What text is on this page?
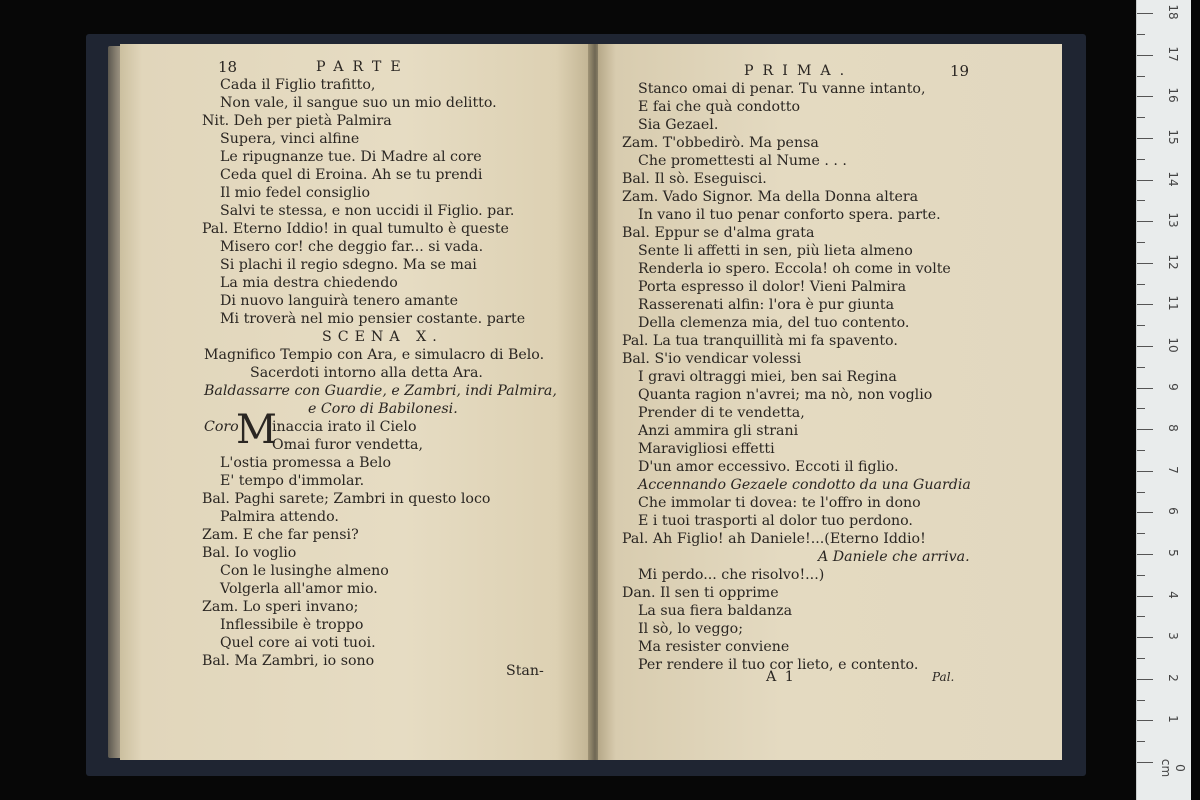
18	PARTE
Cada il Figlio trafitto,
Non vale, il sangue suo un mio delitto.
Nit. Deh per pietà Palmira
Supera, vinci alfine
Le ripugnanze tue. Di Madre al core
Ceda quel di Eroina. Ah se tu prendi
Il mio fedel consiglio
Salvi te stessa, e non uccidi il Figlio. par.
Pal. Eterno Iddio! in qual tumulto è queste
Misero cor! che deggio far... si vada.
Si plachi il regio sdegno. Ma se mai
La mia destra chiedendo
Di nuovo languirà tenero amante
Mi troverà nel mio pensier costante. parte
SCENA X.
Magnifico Tempio con Ara, e simulacro di Belo.
Sacerdoti intorno alla detta Ara.
Baldassarre con Guardie, e Zambri, indi Palmira,
e Coro di Babilonesi.
Coro
M
inaccia irato il Cielo
Omai furor vendetta,
L'ostia promessa a Belo
E' tempo d'immolar.
Bal. Paghi sarete; Zambri in questo loco
Palmira attendo.
Zam. E che far pensi?
Bal. Io voglio
Con le lusinghe almeno
Volgerla all'amor mio.
Zam. Lo speri invano;
Inflessibile è troppo
Quel core ai voti tuoi.
Bal. Ma Zambri, io sono
Stan-
PRIMA.	19
Stanco omai di penar. Tu vanne intanto,
E fai che quà condotto
Sia Gezael.
Zam. T'obbedirò. Ma pensa
Che promettesti al Nume . . .
Bal. Il sò. Eseguisci.
Zam. Vado Signor. Ma della Donna altera
In vano il tuo penar conforto spera. parte.
Bal. Eppur se d'alma grata
Sente li affetti in sen, più lieta almeno
Renderla io spero. Eccola! oh come in volte
Porta espresso il dolor! Vieni Palmira
Rasserenati alfin: l'ora è pur giunta
Della clemenza mia, del tuo contento.
Pal. La tua tranquillità mi fa spavento.
Bal. S'io vendicar volessi
I gravi oltraggi miei, ben sai Regina
Quanta ragion n'avrei; ma nò, non voglio
Prender di te vendetta,
Anzi ammira gli strani
Maravigliosi effetti
D'un amor eccessivo. Eccoti il figlio.
Accennando Gezaele condotto da una Guardia
Che immolar ti dovea: te l'offro in dono
E i tuoi trasporti al dolor tuo perdono.
Pal. Ah Figlio! ah Daniele!...(Eterno Iddio!
A Daniele che arriva.
Mi perdo... che risolvo!...)
Dan. Il sen ti opprime
La sua fiera baldanza
Il sò, lo veggo;
Ma resister conviene
Per rendere il tuo cor lieto, e contento.
A 1	Pal.
0 cm
1
2
3
4
5
6
7
8
9
10
11
12
13
14
15
16
17
18
